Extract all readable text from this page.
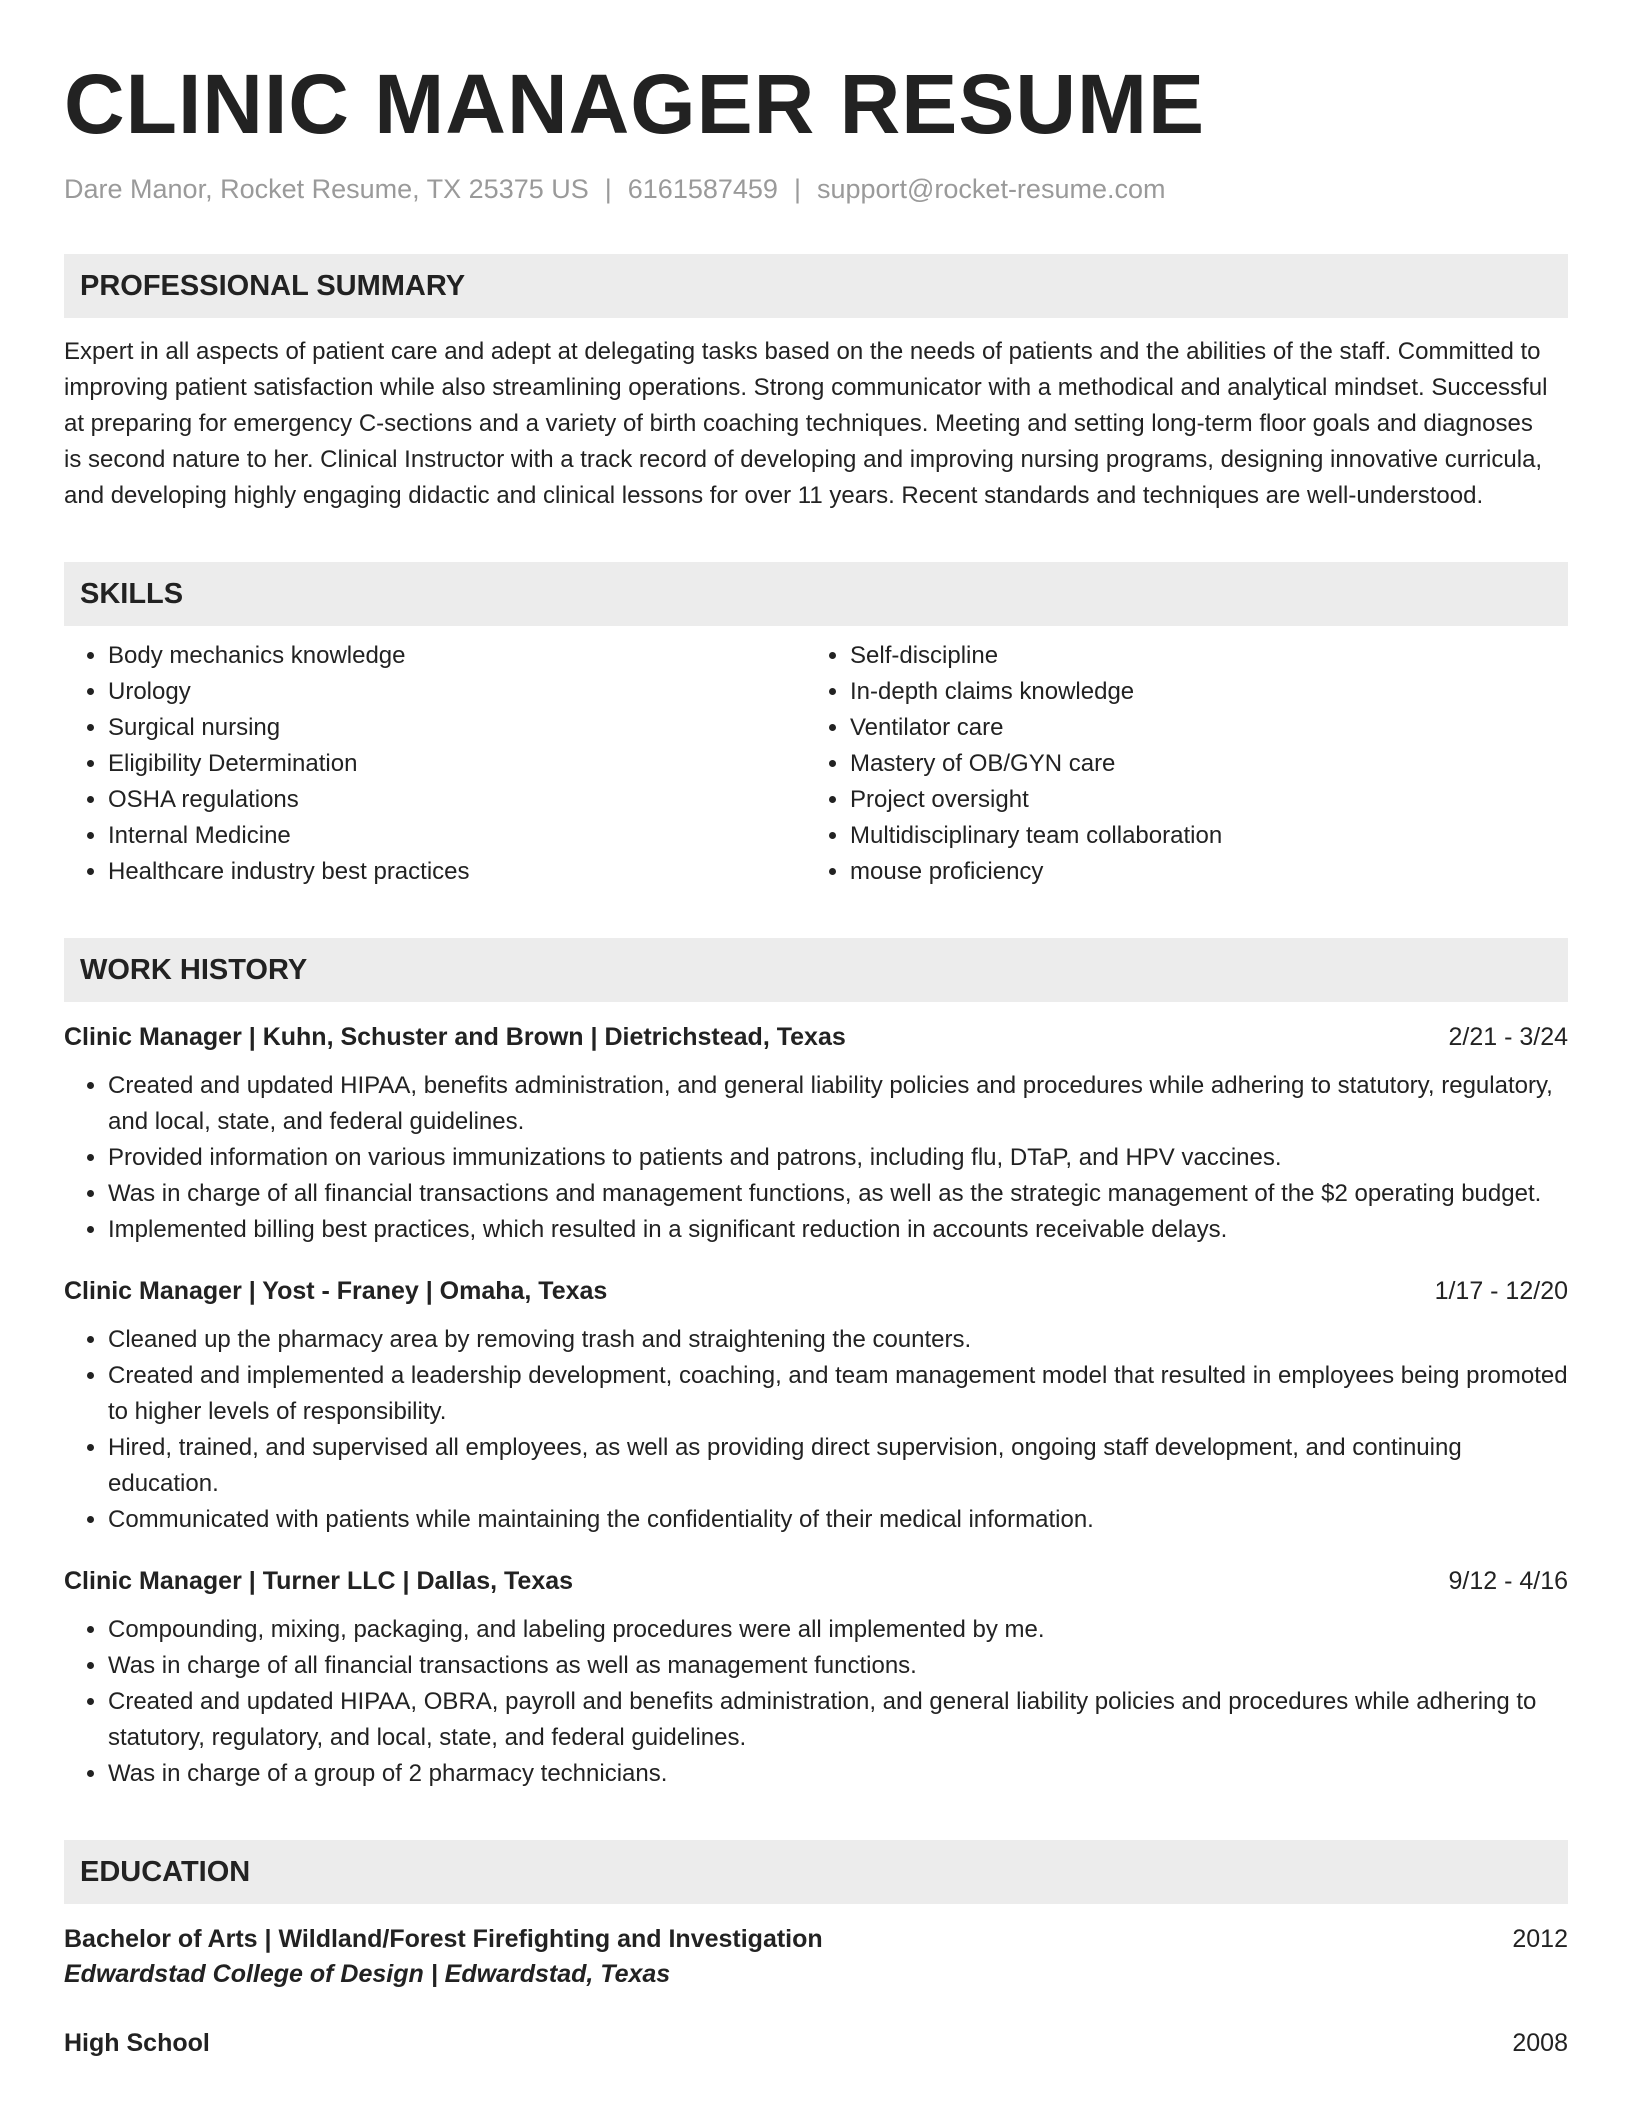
CLINIC MANAGER RESUME
Dare Manor, Rocket Resume, TX 25375 US | 6161587459 | support@rocket-resume.com
PROFESSIONAL SUMMARY
Expert in all aspects of patient care and adept at delegating tasks based on the needs of patients and the abilities of the staff. Committed to improving patient satisfaction while also streamlining operations. Strong communicator with a methodical and analytical mindset. Successful at preparing for emergency C-sections and a variety of birth coaching techniques. Meeting and setting long-term floor goals and diagnoses is second nature to her. Clinical Instructor with a track record of developing and improving nursing programs, designing innovative curricula, and developing highly engaging didactic and clinical lessons for over 11 years. Recent standards and techniques are well-understood.
SKILLS
• Body mechanics knowledge
• Urology
• Surgical nursing
• Eligibility Determination
• OSHA regulations
• Internal Medicine
• Healthcare industry best practices
• Self-discipline
• In-depth claims knowledge
• Ventilator care
• Mastery of OB/GYN care
• Project oversight
• Multidisciplinary team collaboration
• mouse proficiency
WORK HISTORY
Clinic Manager | Kuhn, Schuster and Brown | Dietrichstead, Texas	2/21 - 3/24
• Created and updated HIPAA, benefits administration, and general liability policies and procedures while adhering to statutory, regulatory, and local, state, and federal guidelines.
• Provided information on various immunizations to patients and patrons, including flu, DTaP, and HPV vaccines.
• Was in charge of all financial transactions and management functions, as well as the strategic management of the $2 operating budget.
• Implemented billing best practices, which resulted in a significant reduction in accounts receivable delays.
Clinic Manager | Yost - Franey | Omaha, Texas	1/17 - 12/20
• Cleaned up the pharmacy area by removing trash and straightening the counters.
• Created and implemented a leadership development, coaching, and team management model that resulted in employees being promoted to higher levels of responsibility.
• Hired, trained, and supervised all employees, as well as providing direct supervision, ongoing staff development, and continuing education.
• Communicated with patients while maintaining the confidentiality of their medical information.
Clinic Manager | Turner LLC | Dallas, Texas	9/12 - 4/16
• Compounding, mixing, packaging, and labeling procedures were all implemented by me.
• Was in charge of all financial transactions as well as management functions.
• Created and updated HIPAA, OBRA, payroll and benefits administration, and general liability policies and procedures while adhering to statutory, regulatory, and local, state, and federal guidelines.
• Was in charge of a group of 2 pharmacy technicians.
EDUCATION
Bachelor of Arts | Wildland/Forest Firefighting and Investigation	2012
Edwardstad College of Design | Edwardstad, Texas
High School	2008
